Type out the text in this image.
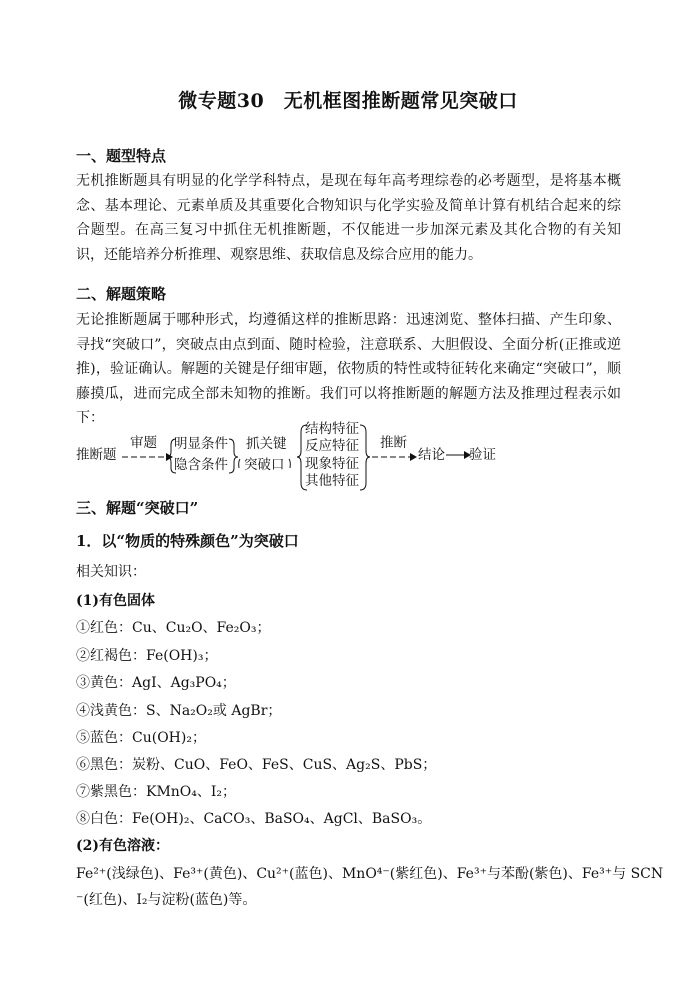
微专题30　无机框图推断题常见突破口
一、题型特点
无机推断题具有明显的化学学科特点，是现在每年高考理综卷的必考题型，是将基本概念、基本理论、元素单质及其重要化合物知识与化学实验及简单计算有机结合起来的综合题型。在高三复习中抓住无机推断题，不仅能进一步加深元素及其化合物的有关知识，还能培养分析推理、观察思维、获取信息及综合应用的能力。
二、解题策略
无论推断题属于哪种形式，均遵循这样的推断思路：迅速浏览、整体扫描、产生印象、寻找“突破口”，突破点由点到面、随时检验，注意联系、大胆假设、全面分析(正推或逆推)，验证确认。解题的关键是仔细审题，依物质的特性或特征转化来确定“突破口”，顺藤摸瓜，进而完成全部未知物的推断。我们可以将推断题的解题方法及推理过程表示如下：
推断题
审题 明显条件
隐含条件
抓关键
突破口
结构特征
反应特征
现象特征
其他特征
推断
结论 验证
三、解题“突破口”
1．以“物质的特殊颜色”为突破口
相关知识：
(1)有色固体
①红色：Cu、Cu₂O、Fe₂O₃；
②红褐色：Fe(OH)₃；
③黄色：AgI、Ag₃PO₄；
④浅黄色：S、Na₂O₂或 AgBr；
⑤蓝色：Cu(OH)₂；
⑥黑色：炭粉、CuO、FeO、FeS、CuS、Ag₂S、PbS；
⑦紫黑色：KMnO₄、I₂；
⑧白色：Fe(OH)₂、CaCO₃、BaSO₄、AgCl、BaSO₃。
(2)有色溶液：
Fe²⁺(浅绿色)、Fe³⁺(黄色)、Cu²⁺(蓝色)、MnO⁴⁻(紫红色)、Fe³⁺与苯酚(紫色)、Fe³⁺与 SCN
⁻(红色)、I₂与淀粉(蓝色)等。
